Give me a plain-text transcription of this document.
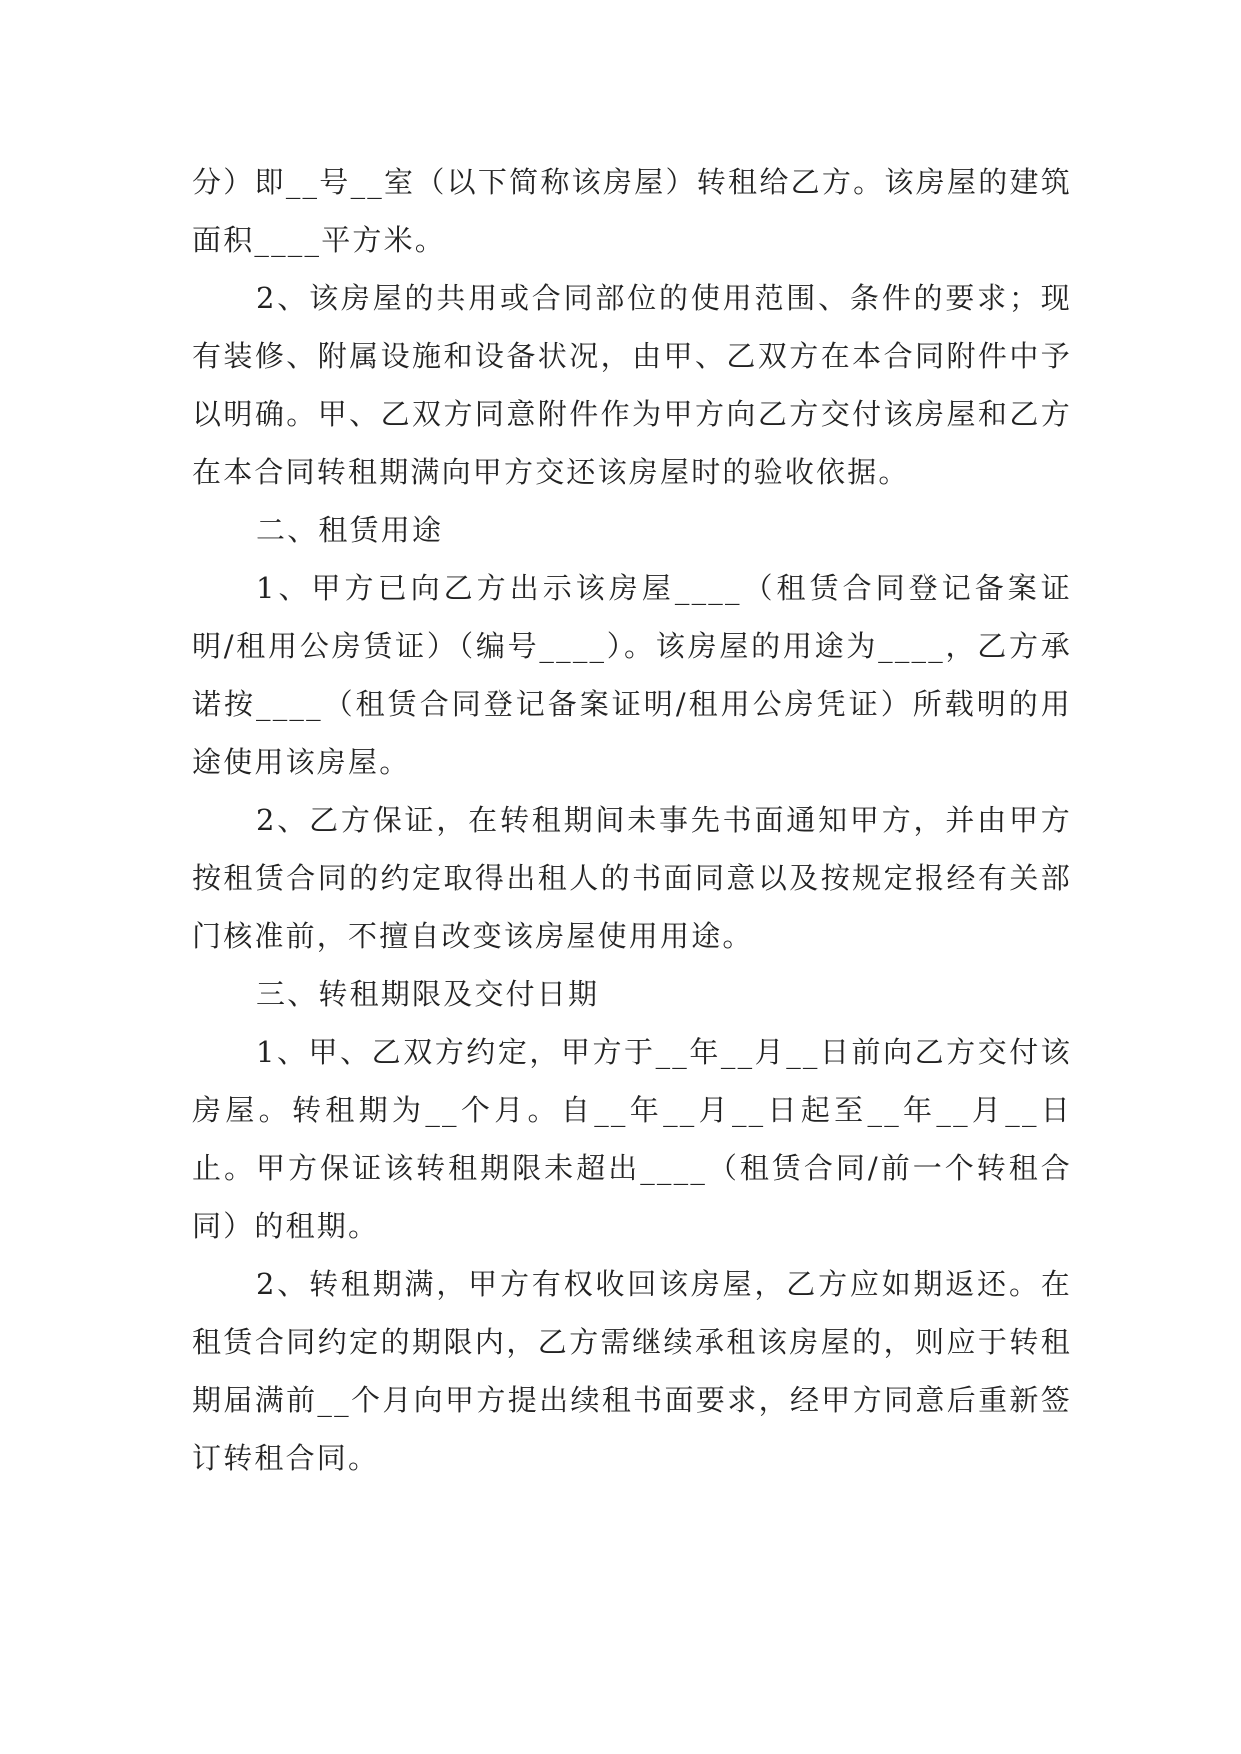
分）即__号__室（以下简称该房屋）转租给乙方。该房屋的建筑面积____平方米。

2、该房屋的共用或合同部位的使用范围、条件的要求；现有装修、附属设施和设备状况，由甲、乙双方在本合同附件中予以明确。甲、乙双方同意附件作为甲方向乙方交付该房屋和乙方在本合同转租期满向甲方交还该房屋时的验收依据。

二、租赁用途

1、甲方已向乙方出示该房屋____（租赁合同登记备案证明/租用公房赁证）（编号____）。该房屋的用途为____，乙方承诺按____（租赁合同登记备案证明/租用公房凭证）所载明的用途使用该房屋。

2、乙方保证，在转租期间未事先书面通知甲方，并由甲方按租赁合同的约定取得出租人的书面同意以及按规定报经有关部门核准前，不擅自改变该房屋使用用途。

三、转租期限及交付日期

1、甲、乙双方约定，甲方于__年__月__日前向乙方交付该房屋。转租期为__个月。自__年__月__日起至__年__月__日止。甲方保证该转租期限未超出____（租赁合同/前一个转租合同）的租期。

2、转租期满，甲方有权收回该房屋，乙方应如期返还。在租赁合同约定的期限内，乙方需继续承租该房屋的，则应于转租期届满前__个月向甲方提出续租书面要求，经甲方同意后重新签订转租合同。
